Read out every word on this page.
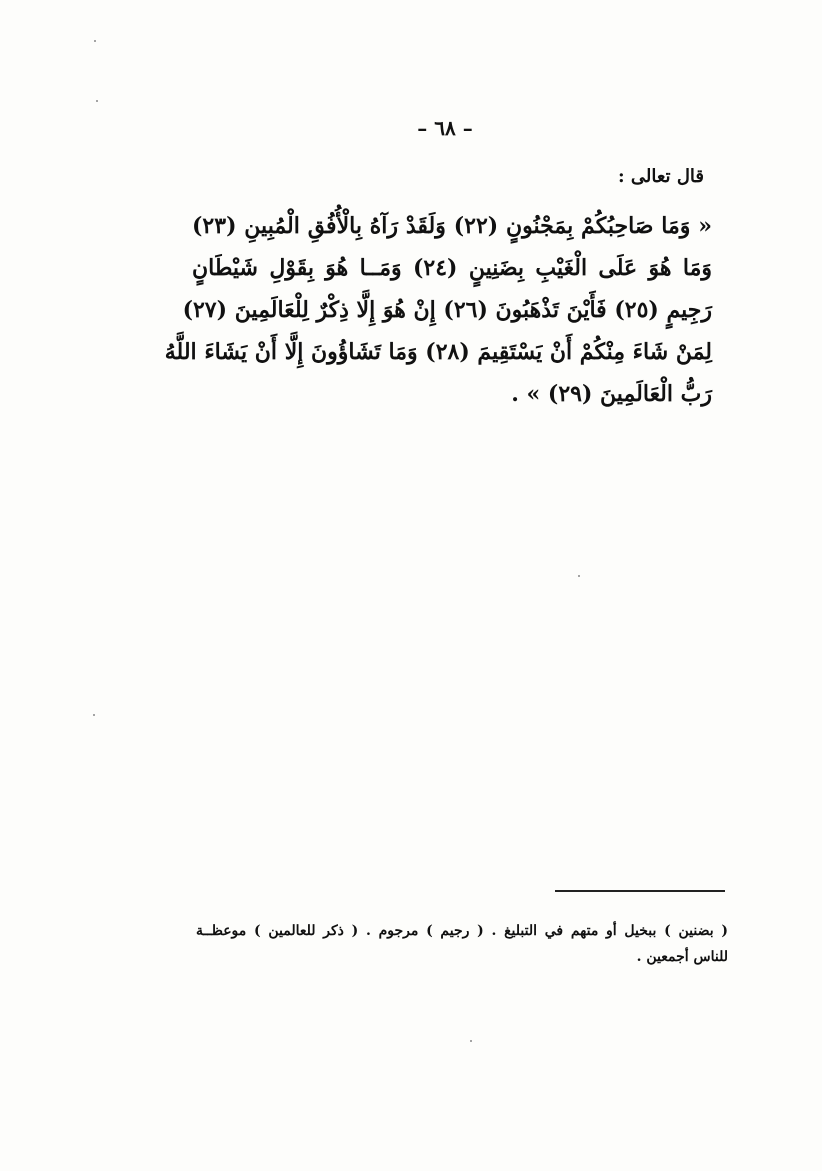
– ٦٨ –
قال تعالى :
« وَمَا صَاحِبُكُمْ بِمَجْنُونٍ (٢٢) وَلَقَدْ رَآهُ بِالْأُفُقِ الْمُبِينِ (٢٣)
وَمَا هُوَ عَلَى الْغَيْبِ بِضَنِينٍ (٢٤) وَمَــا هُوَ بِقَوْلِ شَيْطَانٍ
رَجِيمٍ (٢٥) فَأَيْنَ تَذْهَبُونَ (٢٦) إِنْ هُوَ إِلَّا ذِكْرٌ لِلْعَالَمِينَ (٢٧)
لِمَنْ شَاءَ مِنْكُمْ أَنْ يَسْتَقِيمَ (٢٨) وَمَا تَشَاؤُونَ إِلَّا أَنْ يَشَاءَ اللَّهُ
رَبُّ الْعَالَمِينَ (٢٩) » .
( بضنين ) ببخيل أو متهم في التبليغ . ( رجيم ) مرجوم . ( ذكر للعالمين ) موعظــة
للناس أجمعين .
